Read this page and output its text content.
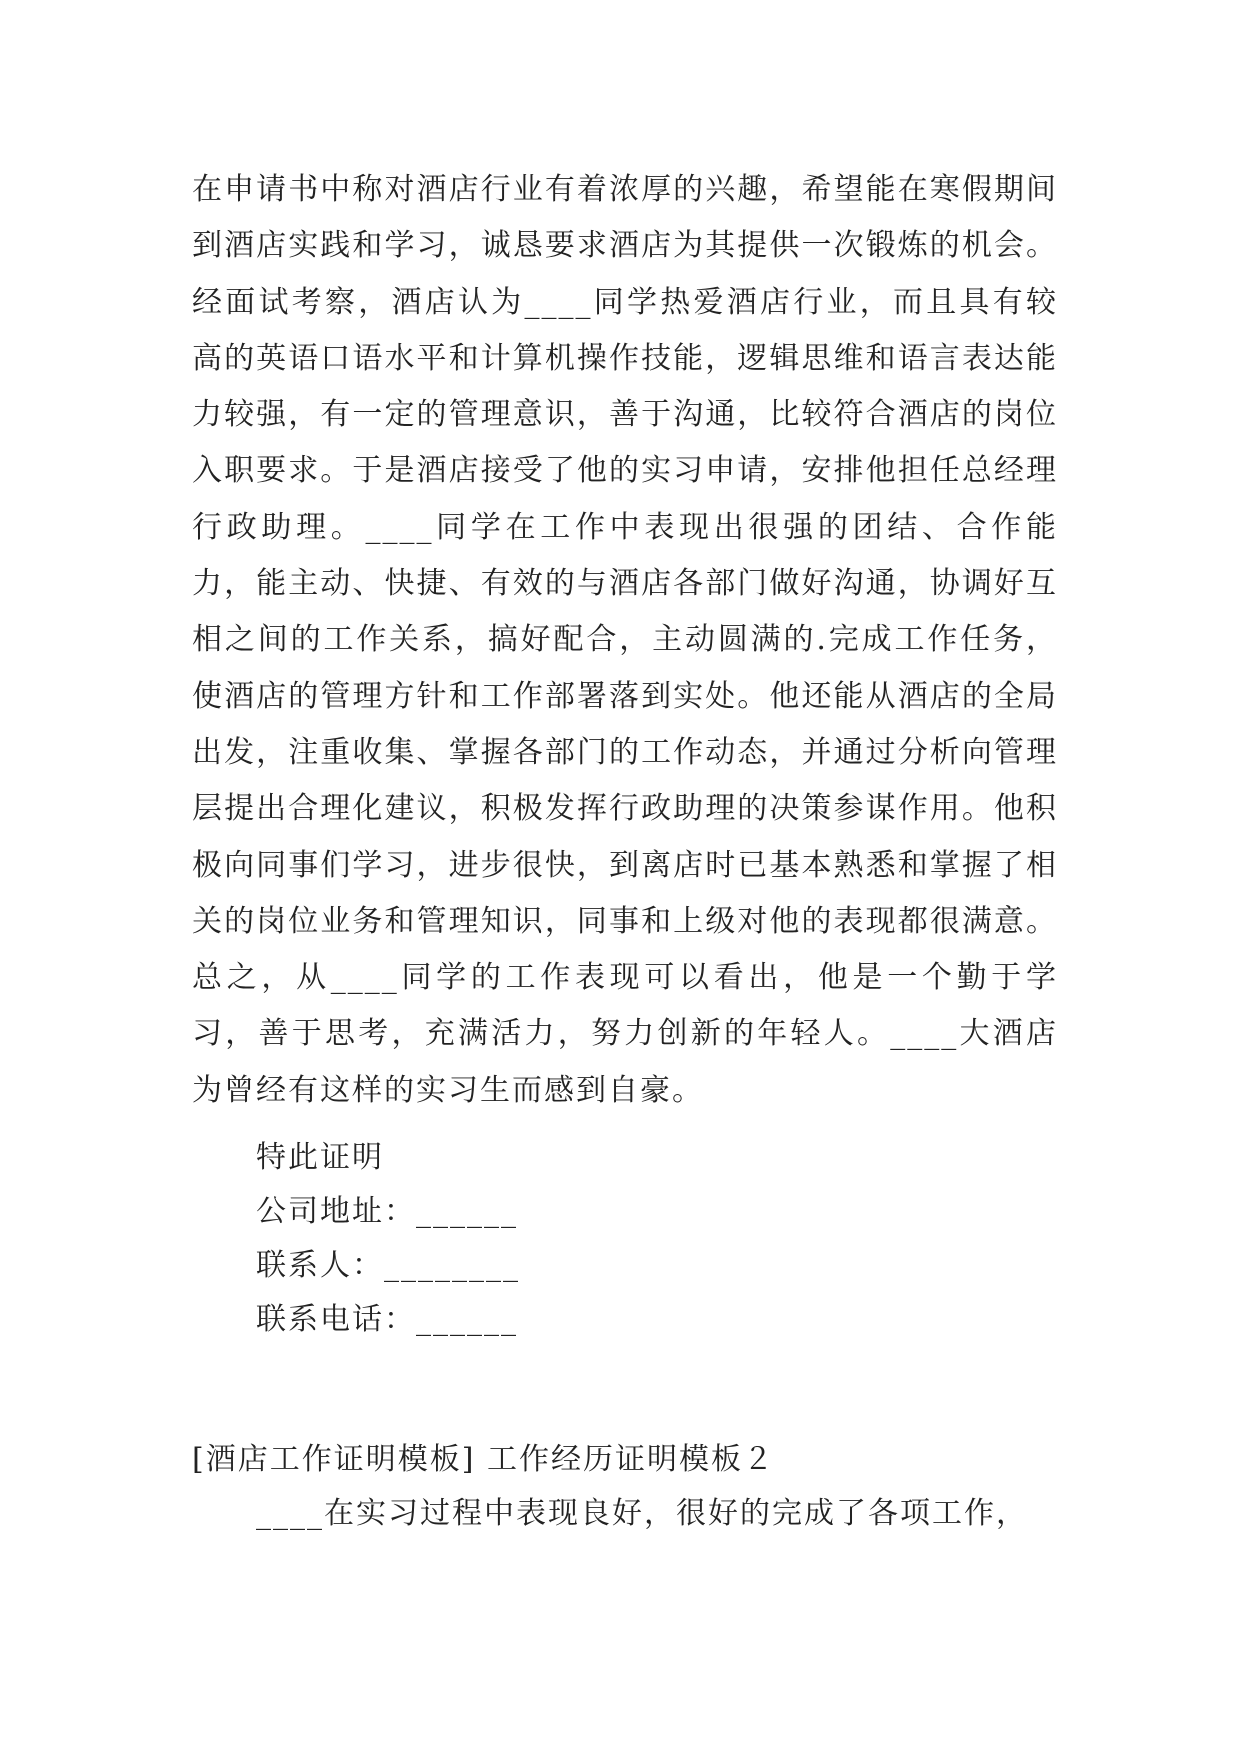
在申请书中称对酒店行业有着浓厚的兴趣，希望能在寒假期间到酒店实践和学习，诚恳要求酒店为其提供一次锻炼的机会。经面试考察，酒店认为____同学热爱酒店行业，而且具有较高的英语口语水平和计算机操作技能，逻辑思维和语言表达能力较强，有一定的管理意识，善于沟通，比较符合酒店的岗位入职要求。于是酒店接受了他的实习申请，安排他担任总经理行政助理。____同学在工作中表现出很强的团结、合作能力，能主动、快捷、有效的与酒店各部门做好沟通，协调好互相之间的工作关系，搞好配合，主动圆满的.完成工作任务，使酒店的管理方针和工作部署落到实处。他还能从酒店的全局出发，注重收集、掌握各部门的工作动态，并通过分析向管理层提出合理化建议，积极发挥行政助理的决策参谋作用。他积极向同事们学习，进步很快，到离店时已基本熟悉和掌握了相关的岗位业务和管理知识，同事和上级对他的表现都很满意。总之，从____同学的工作表现可以看出，他是一个勤于学习，善于思考，充满活力，努力创新的年轻人。____大酒店为曾经有这样的实习生而感到自豪。

特此证明

公司地址：______

联系人：________

联系电话：______

[酒店工作证明模板] 工作经历证明模板２

____在实习过程中表现良好，很好的完成了各项工作，
